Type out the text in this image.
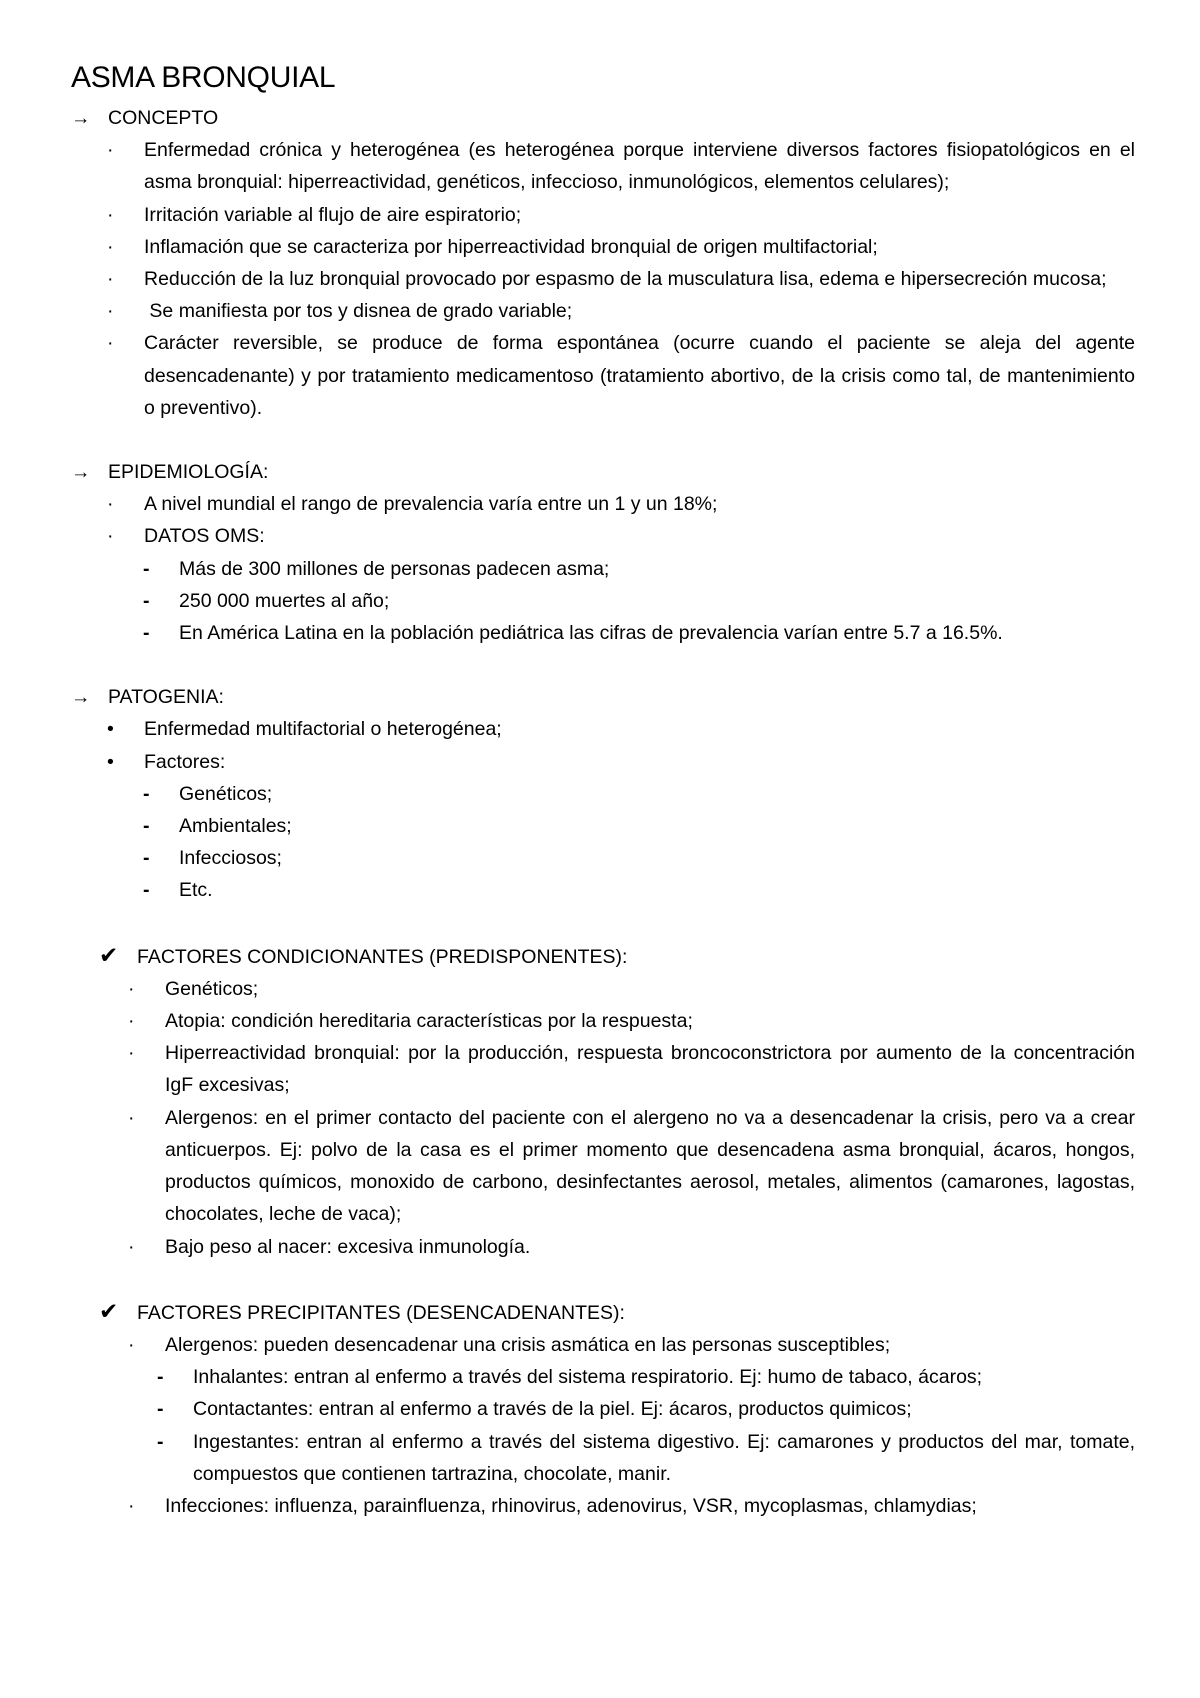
ASMA BRONQUIAL
→ CONCEPTO
·	Enfermedad crónica y heterogénea (es heterogénea porque interviene diversos factores fisiopatológicos en el asma bronquial: hiperreactividad, genéticos, infeccioso, inmunológicos, elementos celulares);
·	Irritación variable al flujo de aire espiratorio;
·	Inflamación que se caracteriza por hiperreactividad bronquial de origen multifactorial;
·	Reducción de la luz bronquial provocado por espasmo de la musculatura lisa, edema e hipersecreción mucosa;
·	Se manifiesta por tos y disnea de grado variable;
·	Carácter reversible, se produce de forma espontánea (ocurre cuando el paciente se aleja del agente desencadenante) y por tratamiento medicamentoso (tratamiento abortivo, de la crisis como tal, de mantenimiento o preventivo).
→ EPIDEMIOLOGÍA:
·	A nivel mundial el rango de prevalencia varía entre un 1 y un 18%;
·	DATOS OMS:
-	Más de 300 millones de personas padecen asma;
-	250 000 muertes al año;
-	En América Latina en la población pediátrica las cifras de prevalencia varían entre 5.7 a 16.5%.
→ PATOGENIA:
•	Enfermedad multifactorial o heterogénea;
•	Factores:
-	Genéticos;
-	Ambientales;
-	Infecciosos;
-	Etc.
✔ FACTORES CONDICIONANTES (PREDISPONENTES):
·	Genéticos;
·	Atopia: condición hereditaria características por la respuesta;
·	Hiperreactividad bronquial: por la producción, respuesta broncoconstrictora por aumento de la concentración IgF excesivas;
·	Alergenos: en el primer contacto del paciente con el alergeno no va a desencadenar la crisis, pero va a crear anticuerpos. Ej: polvo de la casa es el primer momento que desencadena asma bronquial, ácaros, hongos, productos químicos, monoxido de carbono, desinfectantes aerosol, metales, alimentos (camarones, lagostas, chocolates, leche de vaca);
·	Bajo peso al nacer: excesiva inmunología.
✔ FACTORES PRECIPITANTES (DESENCADENANTES):
·	Alergenos: pueden desencadenar una crisis asmática en las personas susceptibles;
-	Inhalantes: entran al enfermo a través del sistema respiratorio. Ej: humo de tabaco, ácaros;
-	Contactantes: entran al enfermo a través de la piel. Ej: ácaros, productos quimicos;
-	Ingestantes: entran al enfermo a través del sistema digestivo. Ej: camarones y productos del mar, tomate, compuestos que contienen tartrazina, chocolate, manir.
·	Infecciones: influenza, parainfluenza, rhinovirus, adenovirus, VSR, mycoplasmas, chlamydias;
